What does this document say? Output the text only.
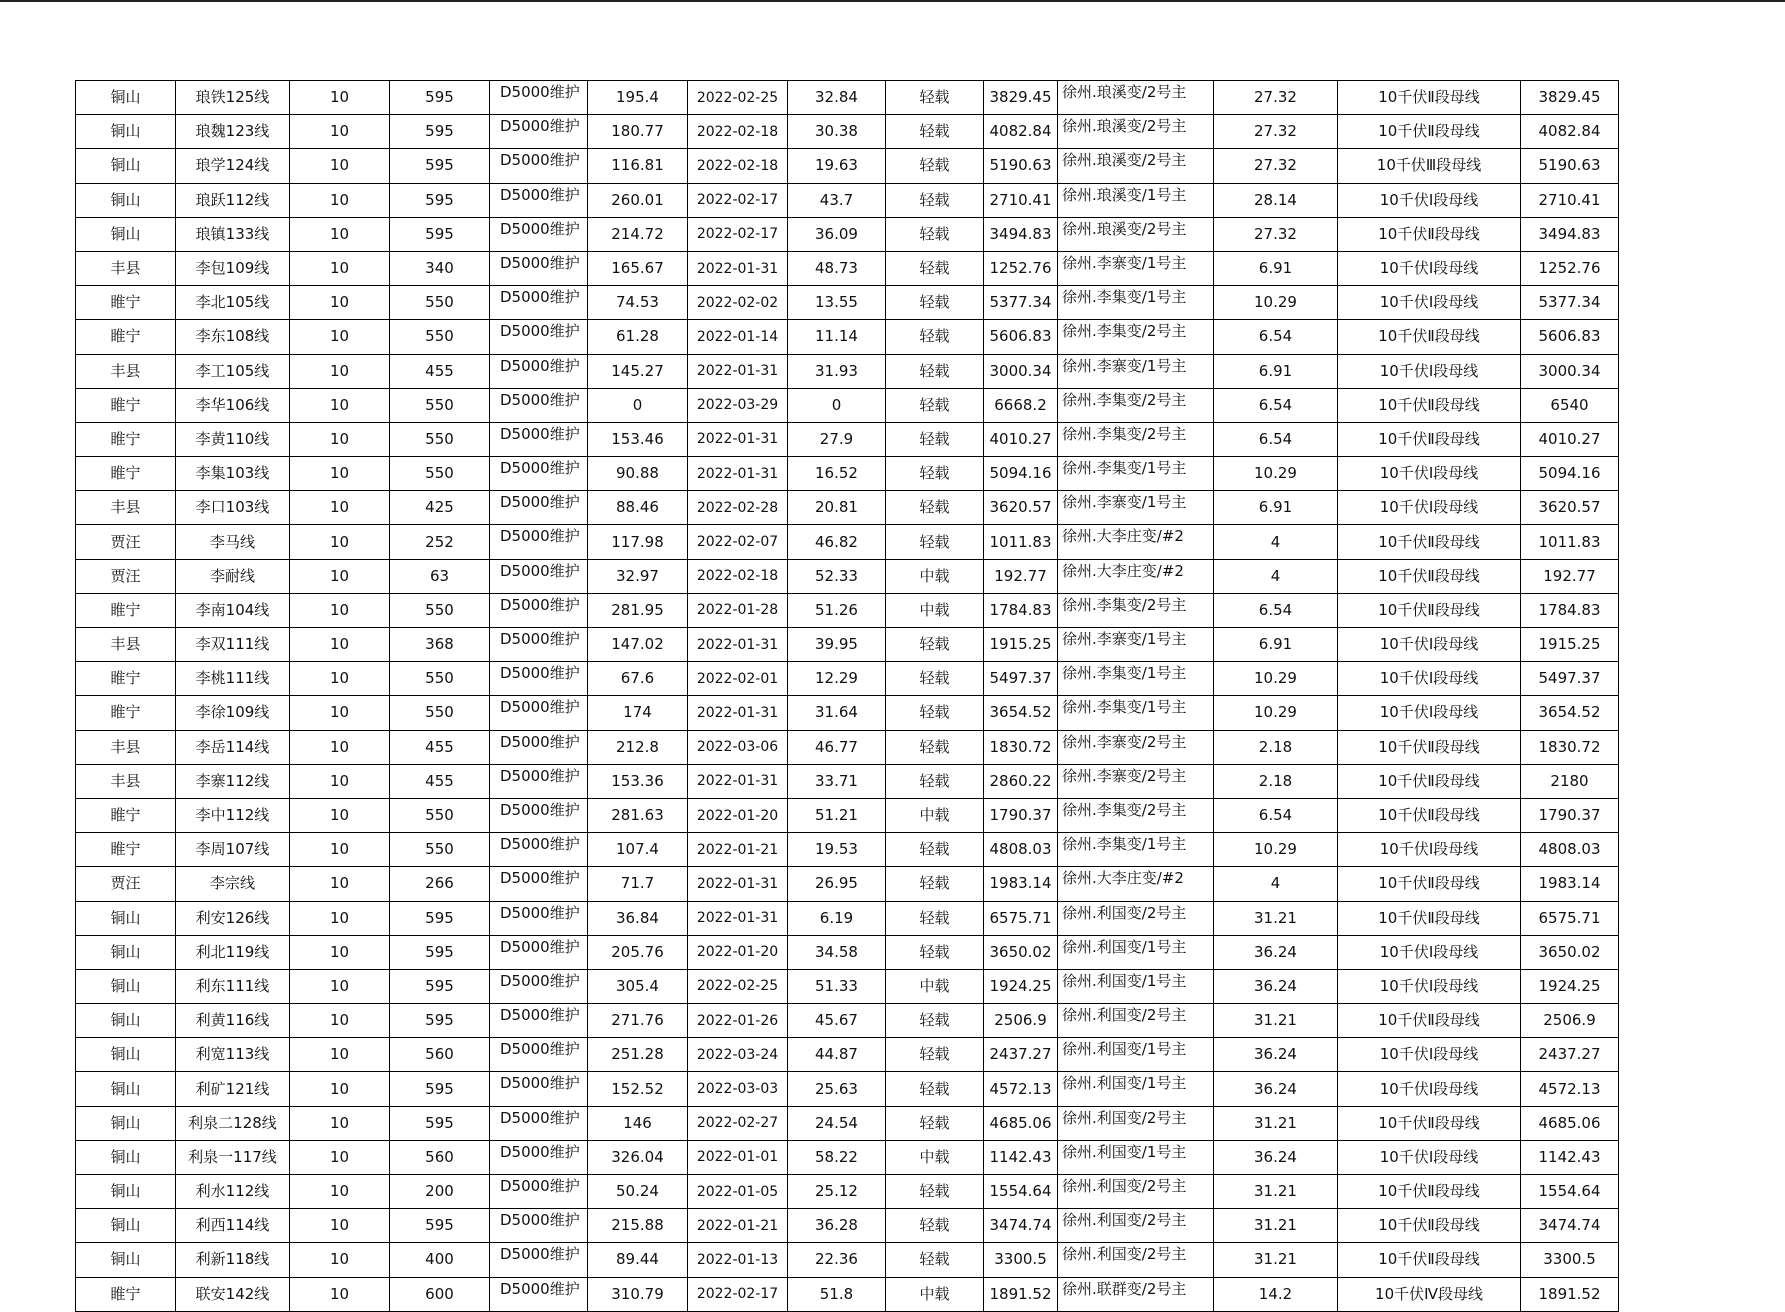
铜山	琅铁125线	10	595	D5000维护	195.4	2022-02-25	32.84	轻载	3829.45	徐州.琅溪变/2号主	27.32	10千伏Ⅱ段母线	3829.45
铜山	琅魏123线	10	595	D5000维护	180.77	2022-02-18	30.38	轻载	4082.84	徐州.琅溪变/2号主	27.32	10千伏Ⅱ段母线	4082.84
铜山	琅学124线	10	595	D5000维护	116.81	2022-02-18	19.63	轻载	5190.63	徐州.琅溪变/2号主	27.32	10千伏Ⅲ段母线	5190.63
铜山	琅跃112线	10	595	D5000维护	260.01	2022-02-17	43.7	轻载	2710.41	徐州.琅溪变/1号主	28.14	10千伏Ⅰ段母线	2710.41
铜山	琅镇133线	10	595	D5000维护	214.72	2022-02-17	36.09	轻载	3494.83	徐州.琅溪变/2号主	27.32	10千伏Ⅱ段母线	3494.83
丰县	李包109线	10	340	D5000维护	165.67	2022-01-31	48.73	轻载	1252.76	徐州.李寨变/1号主	6.91	10千伏Ⅰ段母线	1252.76
睢宁	李北105线	10	550	D5000维护	74.53	2022-02-02	13.55	轻载	5377.34	徐州.李集变/1号主	10.29	10千伏Ⅰ段母线	5377.34
睢宁	李东108线	10	550	D5000维护	61.28	2022-01-14	11.14	轻载	5606.83	徐州.李集变/2号主	6.54	10千伏Ⅱ段母线	5606.83
丰县	李工105线	10	455	D5000维护	145.27	2022-01-31	31.93	轻载	3000.34	徐州.李寨变/1号主	6.91	10千伏Ⅰ段母线	3000.34
睢宁	李华106线	10	550	D5000维护	0	2022-03-29	0	轻载	6668.2	徐州.李集变/2号主	6.54	10千伏Ⅱ段母线	6540
睢宁	李黄110线	10	550	D5000维护	153.46	2022-01-31	27.9	轻载	4010.27	徐州.李集变/2号主	6.54	10千伏Ⅱ段母线	4010.27
睢宁	李集103线	10	550	D5000维护	90.88	2022-01-31	16.52	轻载	5094.16	徐州.李集变/1号主	10.29	10千伏Ⅰ段母线	5094.16
丰县	李口103线	10	425	D5000维护	88.46	2022-02-28	20.81	轻载	3620.57	徐州.李寨变/1号主	6.91	10千伏Ⅰ段母线	3620.57
贾汪	李马线	10	252	D5000维护	117.98	2022-02-07	46.82	轻载	1011.83	徐州.大李庄变/#2	4	10千伏Ⅱ段母线	1011.83
贾汪	李耐线	10	63	D5000维护	32.97	2022-02-18	52.33	中载	192.77	徐州.大李庄变/#2	4	10千伏Ⅱ段母线	192.77
睢宁	李南104线	10	550	D5000维护	281.95	2022-01-28	51.26	中载	1784.83	徐州.李集变/2号主	6.54	10千伏Ⅱ段母线	1784.83
丰县	李双111线	10	368	D5000维护	147.02	2022-01-31	39.95	轻载	1915.25	徐州.李寨变/1号主	6.91	10千伏Ⅰ段母线	1915.25
睢宁	李桃111线	10	550	D5000维护	67.6	2022-02-01	12.29	轻载	5497.37	徐州.李集变/1号主	10.29	10千伏Ⅰ段母线	5497.37
睢宁	李徐109线	10	550	D5000维护	174	2022-01-31	31.64	轻载	3654.52	徐州.李集变/1号主	10.29	10千伏Ⅰ段母线	3654.52
丰县	李岳114线	10	455	D5000维护	212.8	2022-03-06	46.77	轻载	1830.72	徐州.李寨变/2号主	2.18	10千伏Ⅱ段母线	1830.72
丰县	李寨112线	10	455	D5000维护	153.36	2022-01-31	33.71	轻载	2860.22	徐州.李寨变/2号主	2.18	10千伏Ⅱ段母线	2180
睢宁	李中112线	10	550	D5000维护	281.63	2022-01-20	51.21	中载	1790.37	徐州.李集变/2号主	6.54	10千伏Ⅱ段母线	1790.37
睢宁	李周107线	10	550	D5000维护	107.4	2022-01-21	19.53	轻载	4808.03	徐州.李集变/1号主	10.29	10千伏Ⅰ段母线	4808.03
贾汪	李宗线	10	266	D5000维护	71.7	2022-01-31	26.95	轻载	1983.14	徐州.大李庄变/#2	4	10千伏Ⅱ段母线	1983.14
铜山	利安126线	10	595	D5000维护	36.84	2022-01-31	6.19	轻载	6575.71	徐州.利国变/2号主	31.21	10千伏Ⅱ段母线	6575.71
铜山	利北119线	10	595	D5000维护	205.76	2022-01-20	34.58	轻载	3650.02	徐州.利国变/1号主	36.24	10千伏Ⅰ段母线	3650.02
铜山	利东111线	10	595	D5000维护	305.4	2022-02-25	51.33	中载	1924.25	徐州.利国变/1号主	36.24	10千伏Ⅰ段母线	1924.25
铜山	利黄116线	10	595	D5000维护	271.76	2022-01-26	45.67	轻载	2506.9	徐州.利国变/2号主	31.21	10千伏Ⅱ段母线	2506.9
铜山	利宽113线	10	560	D5000维护	251.28	2022-03-24	44.87	轻载	2437.27	徐州.利国变/1号主	36.24	10千伏Ⅰ段母线	2437.27
铜山	利矿121线	10	595	D5000维护	152.52	2022-03-03	25.63	轻载	4572.13	徐州.利国变/1号主	36.24	10千伏Ⅰ段母线	4572.13
铜山	利泉二128线	10	595	D5000维护	146	2022-02-27	24.54	轻载	4685.06	徐州.利国变/2号主	31.21	10千伏Ⅱ段母线	4685.06
铜山	利泉一117线	10	560	D5000维护	326.04	2022-01-01	58.22	中载	1142.43	徐州.利国变/1号主	36.24	10千伏Ⅰ段母线	1142.43
铜山	利水112线	10	200	D5000维护	50.24	2022-01-05	25.12	轻载	1554.64	徐州.利国变/2号主	31.21	10千伏Ⅱ段母线	1554.64
铜山	利西114线	10	595	D5000维护	215.88	2022-01-21	36.28	轻载	3474.74	徐州.利国变/2号主	31.21	10千伏Ⅱ段母线	3474.74
铜山	利新118线	10	400	D5000维护	89.44	2022-01-13	22.36	轻载	3300.5	徐州.利国变/2号主	31.21	10千伏Ⅱ段母线	3300.5
睢宁	联安142线	10	600	D5000维护	310.79	2022-02-17	51.8	中载	1891.52	徐州.联群变/2号主	14.2	10千伏Ⅳ段母线	1891.52
